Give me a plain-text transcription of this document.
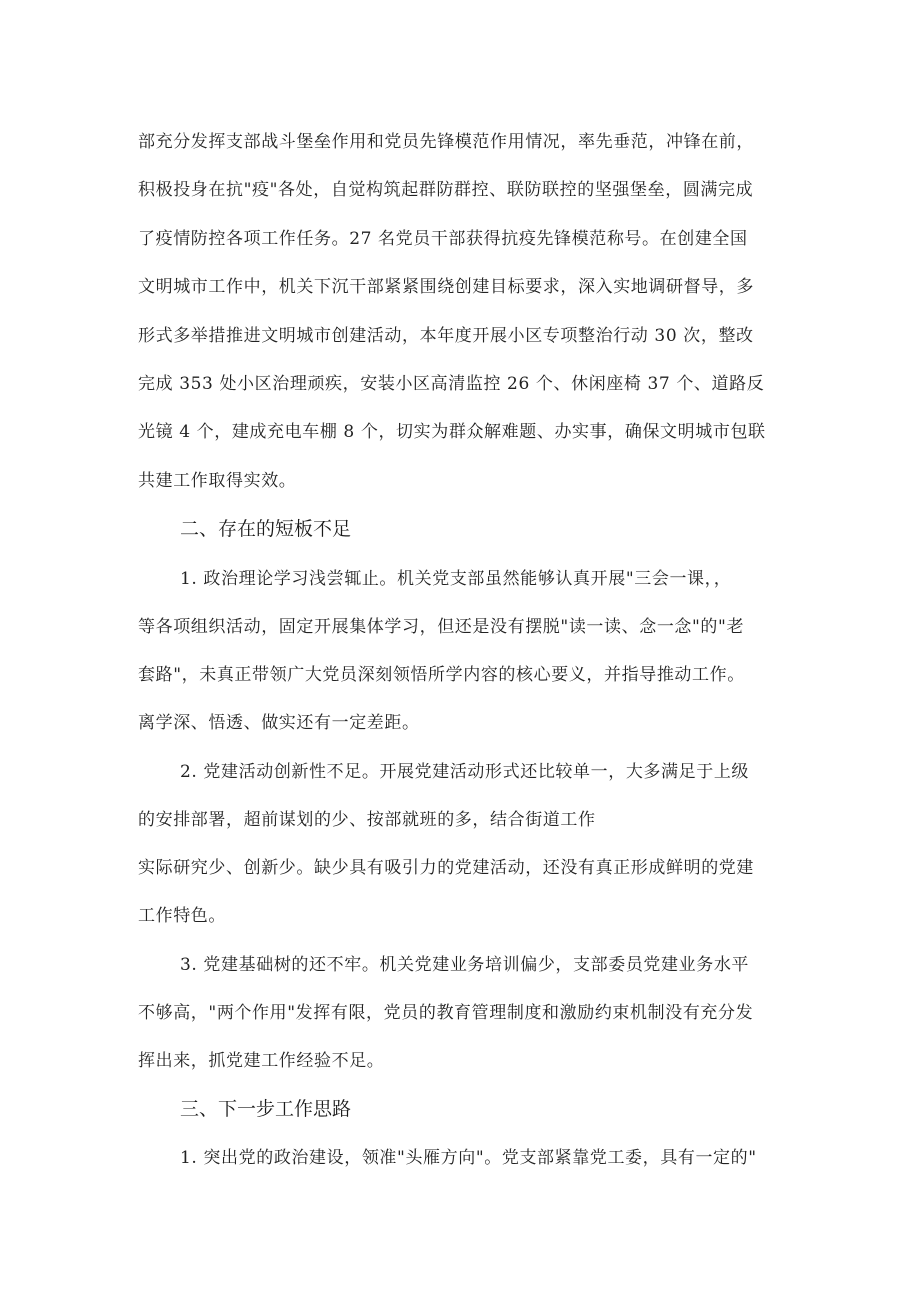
部充分发挥支部战斗堡垒作用和党员先锋模范作用情况，率先垂范，冲锋在前，
积极投身在抗"疫"各处，自觉构筑起群防群控、联防联控的坚强堡垒，圆满完成
了疫情防控各项工作任务。27 名党员干部获得抗疫先锋模范称号。在创建全国
文明城市工作中，机关下沉干部紧紧围绕创建目标要求，深入实地调研督导，多
形式多举措推进文明城市创建活动，本年度开展小区专项整治行动 30 次，整改
完成 353 处小区治理顽疾，安装小区高清监控 26 个、休闲座椅 37 个、道路反
光镜 4 个，建成充电车棚 8 个，切实为群众解难题、办实事，确保文明城市包联
共建工作取得实效。
二、存在的短板不足
1. 政治理论学习浅尝辄止。机关党支部虽然能够认真开展"三会一课，，
等各项组织活动，固定开展集体学习，但还是没有摆脱"读一读、念一念"的"老
套路"，未真正带领广大党员深刻领悟所学内容的核心要义，并指导推动工作。
离学深、悟透、做实还有一定差距。
2. 党建活动创新性不足。开展党建活动形式还比较单一，大多满足于上级
的安排部署，超前谋划的少、按部就班的多，结合街道工作
实际研究少、创新少。缺少具有吸引力的党建活动，还没有真正形成鲜明的党建
工作特色。
3. 党建基础树的还不牢。机关党建业务培训偏少，支部委员党建业务水平
不够高，"两个作用"发挥有限，党员的教育管理制度和激励约束机制没有充分发
挥出来，抓党建工作经验不足。
三、下一步工作思路
1. 突出党的政治建设，领准"头雁方向"。党支部紧靠党工委，具有一定的"
